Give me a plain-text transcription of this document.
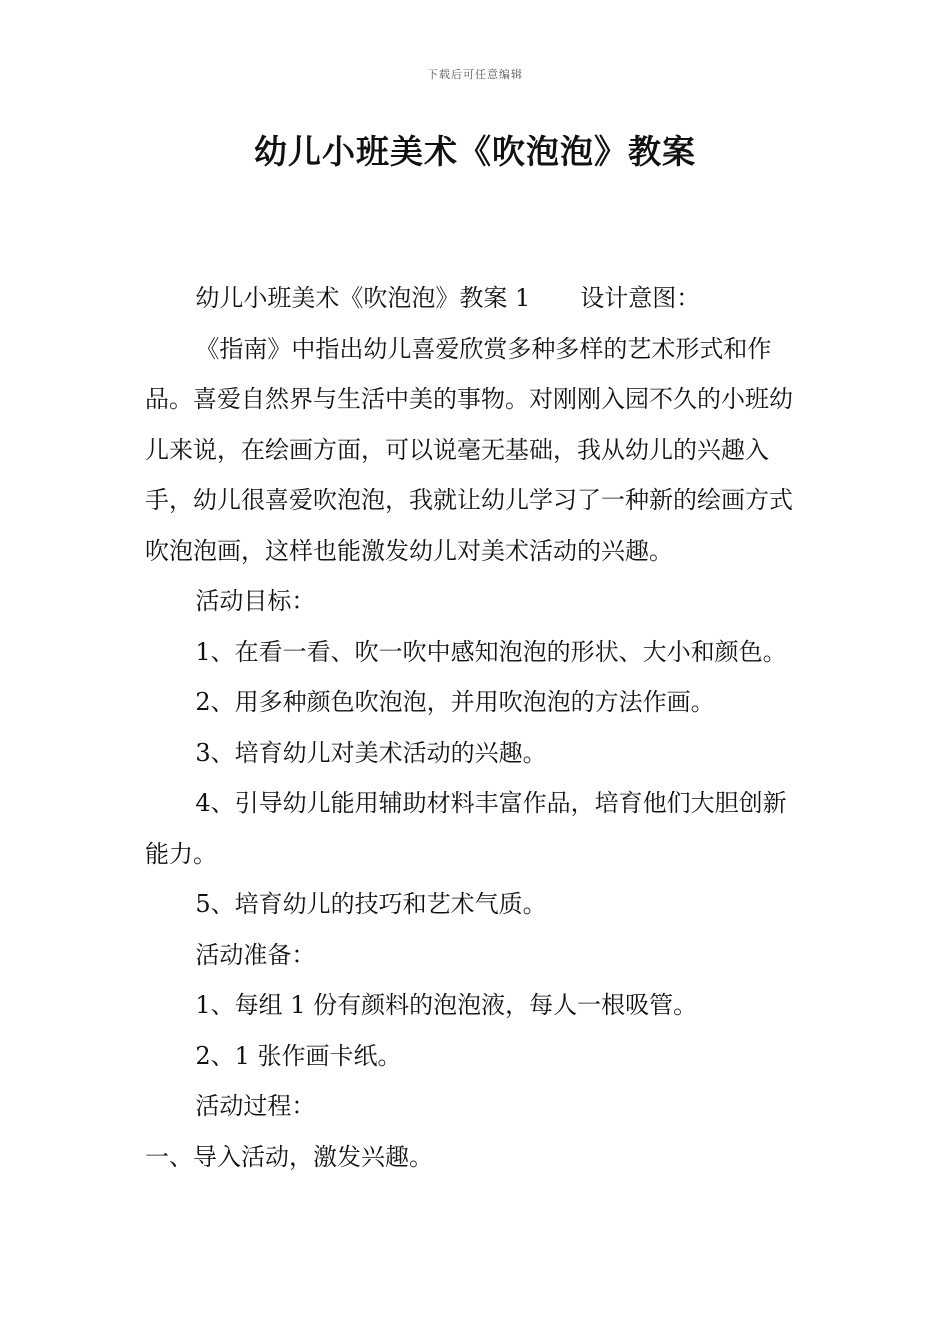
下载后可任意编辑
幼儿小班美术《吹泡泡》教案

幼儿小班美术《吹泡泡》教案 1 设计意图：

《指南》中指出幼儿喜爱欣赏多种多样的艺术形式和作品。喜爱自然界与生活中美的事物。对刚刚入园不久的小班幼儿来说，在绘画方面，可以说毫无基础，我从幼儿的兴趣入手，幼儿很喜爱吹泡泡，我就让幼儿学习了一种新的绘画方式吹泡泡画，这样也能激发幼儿对美术活动的兴趣。

活动目标：

1、在看一看、吹一吹中感知泡泡的形状、大小和颜色。

2、用多种颜色吹泡泡，并用吹泡泡的方法作画。

3、培育幼儿对美术活动的兴趣。

4、引导幼儿能用辅助材料丰富作品，培育他们大胆创新能力。

5、培育幼儿的技巧和艺术气质。

活动准备：

1、每组 1 份有颜料的泡泡液，每人一根吸管。

2、1 张作画卡纸。

活动过程：

一、导入活动，激发兴趣。
